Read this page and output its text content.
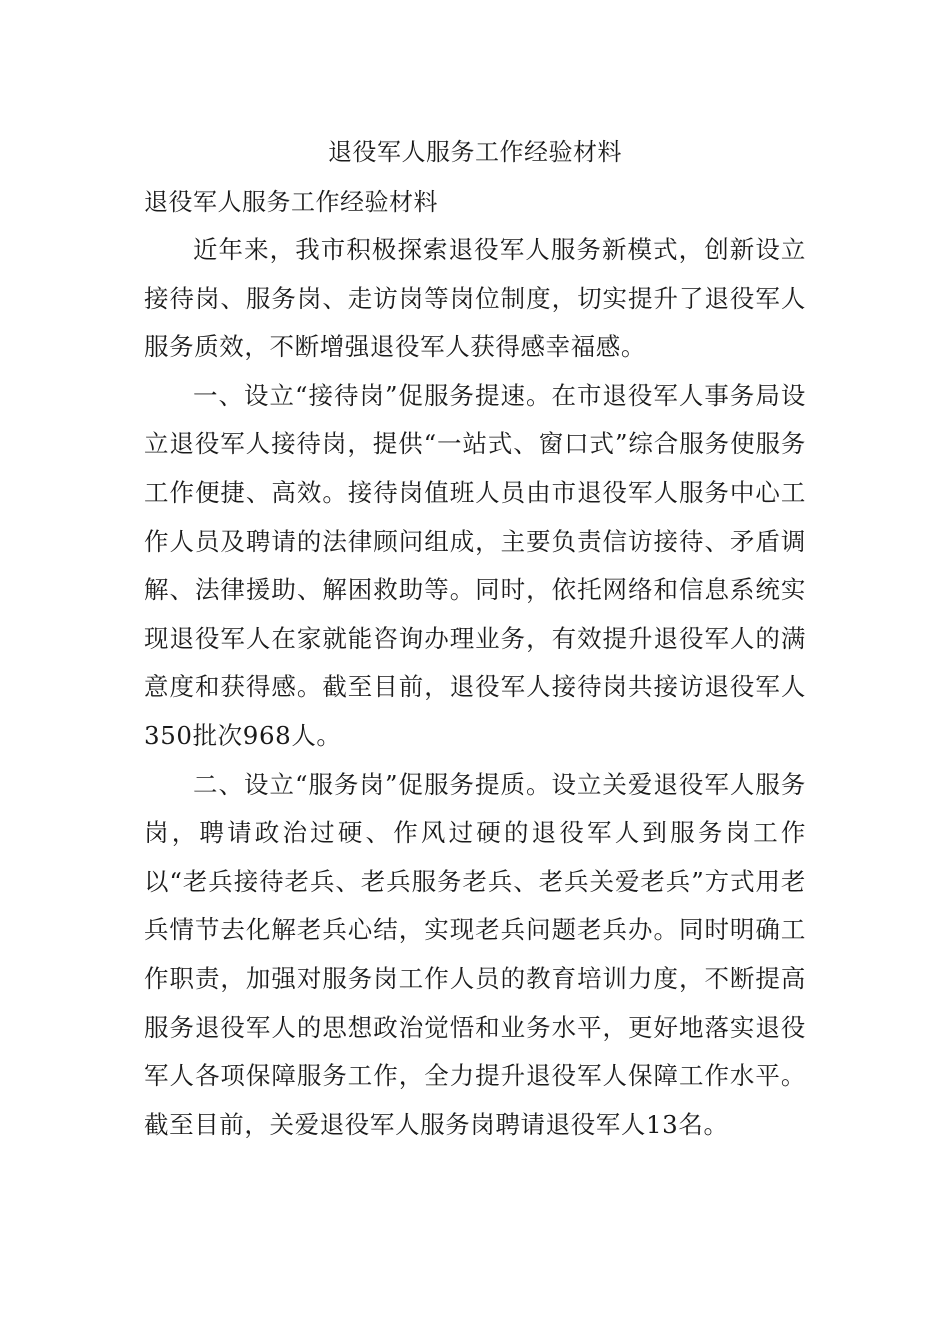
退役军人服务工作经验材料
退役军人服务工作经验材料

近年来，我市积极探索退役军人服务新模式，创新设立接待岗、服务岗、走访岗等岗位制度，切实提升了退役军人服务质效，不断增强退役军人获得感幸福感。

一、设立“接待岗”促服务提速。在市退役军人事务局设立退役军人接待岗，提供“一站式、窗口式”综合服务使服务工作便捷、高效。接待岗值班人员由市退役军人服务中心工作人员及聘请的法律顾问组成，主要负责信访接待、矛盾调解、法律援助、解困救助等。同时，依托网络和信息系统实现退役军人在家就能咨询办理业务，有效提升退役军人的满意度和获得感。截至目前，退役军人接待岗共接访退役军人350批次968人。

二、设立“服务岗”促服务提质。设立关爱退役军人服务岗，聘请政治过硬、作风过硬的退役军人到服务岗工作以“老兵接待老兵、老兵服务老兵、老兵关爱老兵”方式用老兵情节去化解老兵心结，实现老兵问题老兵办。同时明确工作职责，加强对服务岗工作人员的教育培训力度，不断提高服务退役军人的思想政治觉悟和业务水平，更好地落实退役军人各项保障服务工作，全力提升退役军人保障工作水平。截至目前，关爱退役军人服务岗聘请退役军人13名。
